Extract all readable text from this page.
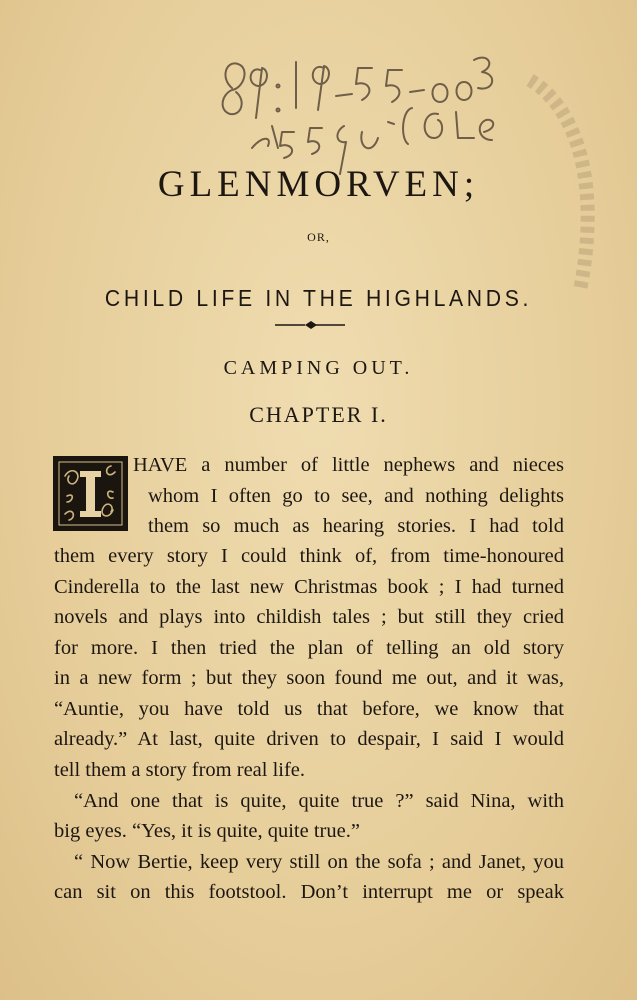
GLENMORVEN;
OR,
CHILD LIFE IN THE HIGHLANDS.
CAMPING OUT.
CHAPTER I.
HAVE a number of little nephews and nieces
whom I often go to see, and nothing delights
them so much as hearing stories. I had told
them every story I could think of, from time-honoured
Cinderella to the last new Christmas book ; I had turned
novels and plays into childish tales ; but still they cried
for more. I then tried the plan of telling an old story
in a new form ; but they soon found me out, and it was,
“Auntie, you have told us that before, we know that
already.” At last, quite driven to despair, I said I would
tell them a story from real life.
“And one that is quite, quite true ?” said Nina, with
big eyes. “Yes, it is quite, quite true.”
“ Now Bertie, keep very still on the sofa ; and Janet, you
can sit on this footstool. Don’t interrupt me or speak
